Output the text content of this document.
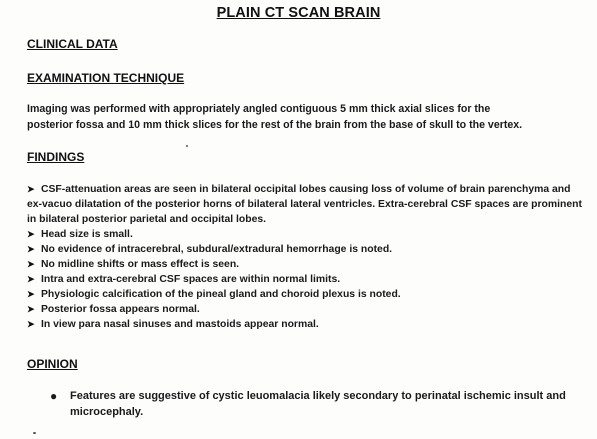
PLAIN CT SCAN BRAIN
CLINICAL DATA
EXAMINATION TECHNIQUE
Imaging was performed with appropriately angled contiguous 5 mm thick axial slices for the
posterior fossa and 10 mm thick slices for the rest of the brain from the base of skull to the vertex.
FINDINGS
➤ CSF-attenuation areas are seen in bilateral occipital lobes causing loss of volume of brain parenchyma and ex-vacuo dilatation of the posterior horns of bilateral lateral ventricles. Extra-cerebral CSF spaces are prominent in bilateral posterior parietal and occipital lobes.
➤ Head size is small.
➤ No evidence of intracerebral, subdural/extradural hemorrhage is noted.
➤ No midline shifts or mass effect is seen.
➤ Intra and extra-cerebral CSF spaces are within normal limits.
➤ Physiologic calcification of the pineal gland and choroid plexus is noted.
➤ Posterior fossa appears normal.
➤ In view para nasal sinuses and mastoids appear normal.
OPINION
● Features are suggestive of cystic leuomalacia likely secondary to perinatal ischemic insult and microcephaly.
